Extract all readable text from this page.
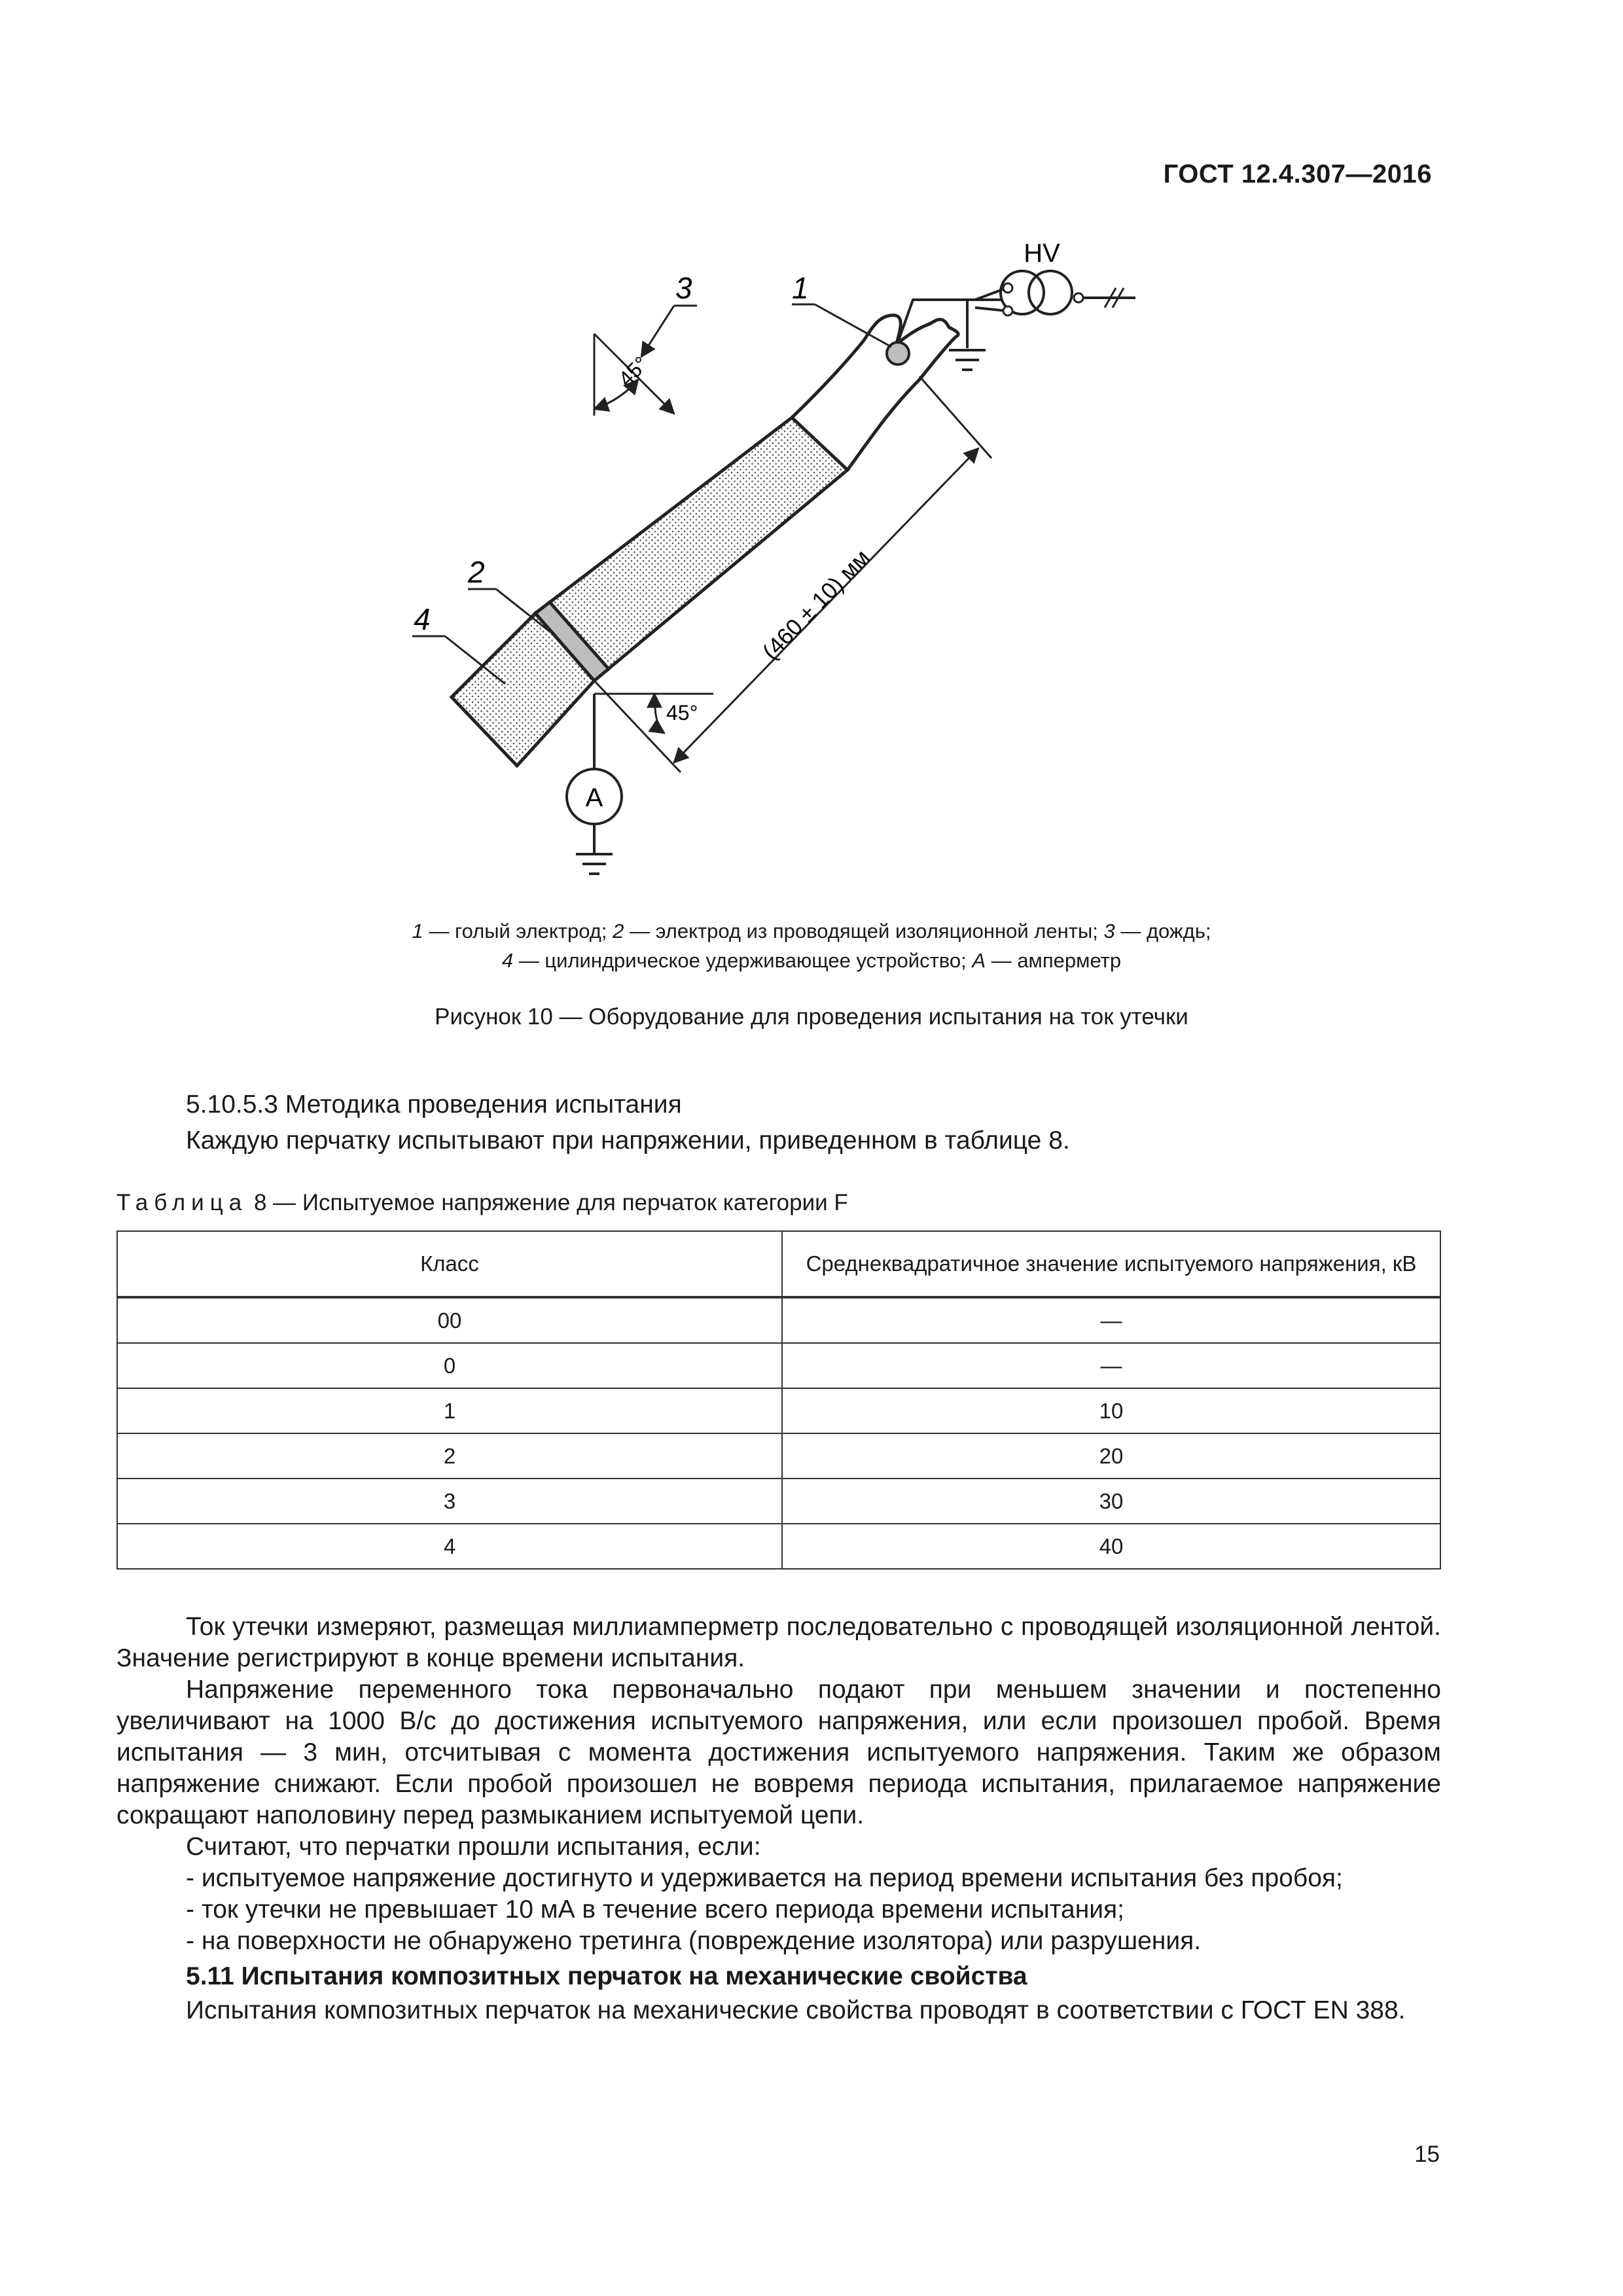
ГОСТ 12.4.307—2016
HV
1
3
45°
2
4	(460 ± 10) мм
45°
A
1 — голый электрод; 2 — электрод из проводящей изоляционной ленты; 3 — дождь;
4 — цилиндрическое удерживающее устройство; A — амперметр
Рисунок 10 — Оборудование для проведения испытания на ток утечки
5.10.5.3 Методика проведения испытания
Каждую перчатку испытывают при напряжении, приведенном в таблице 8.
Таблица 8 — Испытуемое напряжение для перчаток категории F
Класс	Среднеквадратичное значение испытуемого напряжения, кВ
00	—
0	—
1	10
2	20
3	30
4	40

Ток утечки измеряют, размещая миллиамперметр последовательно с проводящей изоляционной лентой. Значение регистрируют в конце времени испытания.

Напряжение переменного тока первоначально подают при меньшем значении и постепенно увеличивают на 1000 В/с до достижения испытуемого напряжения, или если произошел пробой. Время испытания — 3 мин, отсчитывая с момента достижения испытуемого напряжения. Таким же образом напряжение снижают. Если пробой произошел не вовремя периода испытания, прилагаемое напряжение сокращают наполовину перед размыканием испытуемой цепи.

Считают, что перчатки прошли испытания, если:

- испытуемое напряжение достигнуто и удерживается на период времени испытания без пробоя;

- ток утечки не превышает 10 мА в течение всего периода времени испытания;

- на поверхности не обнаружено третинга (повреждение изолятора) или разрушения.

5.11 Испытания композитных перчаток на механические свойства

Испытания композитных перчаток на механические свойства проводят в соответствии с ГОСТ EN 388.

15
